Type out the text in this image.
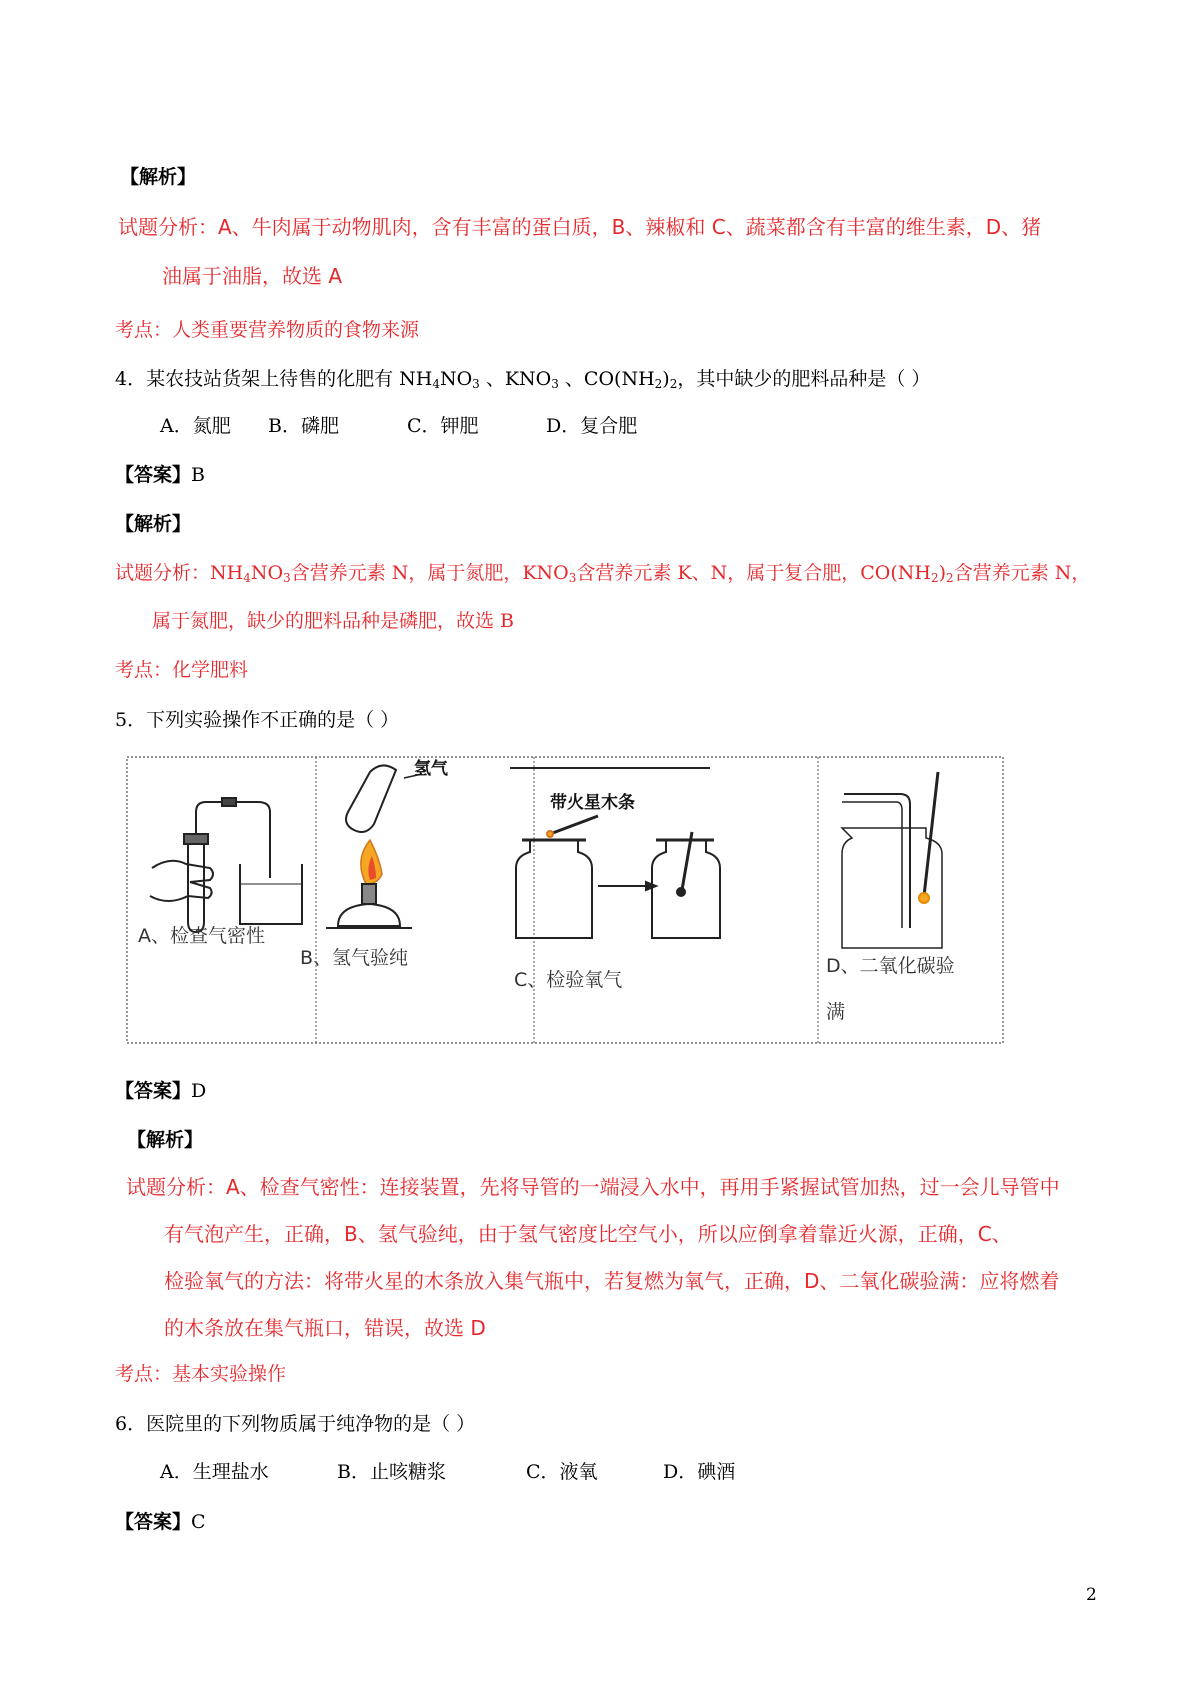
【解析】
试题分析：A、牛肉属于动物肌肉，含有丰富的蛋白质，B、辣椒和 C、蔬菜都含有丰富的维生素，D、猪
油属于油脂，故选 A
考点：人类重要营养物质的食物来源
4．某农技站货架上待售的化肥有 $NH_4NO_3$ 、$KNO_3$ 、$CO(NH_2)_2$，其中缺少的肥料品种是（ ）
A．氮肥 B．磷肥	C．钾肥	D．复合肥
【答案】B
【解析】
试题分析：$NH_4NO_3$含营养元素 N，属于氮肥，$KNO_3$含营养元素 K、N，属于复合肥，$CO(NH_2)_2$含营养元素 N，
属于氮肥，缺少的肥料品种是磷肥，故选 B
考点：化学肥料
5．下列实验操作不正确的是（ ）
A、检查气密性
氢气
B、氢气验纯
带火星木条
C、检验氧气
D、二氧化碳验
满
【答案】D
【解析】
试题分析：A、检查气密性：连接装置，先将导管的一端浸入水中，再用手紧握试管加热，过一会儿导管中
有气泡产生，正确，B、氢气验纯，由于氢气密度比空气小，所以应倒拿着靠近火源，正确，C、
检验氧气的方法：将带火星的木条放入集气瓶中，若复燃为氧气，正确，D、二氧化碳验满：应将燃着
的木条放在集气瓶口，错误，故选 D
考点：基本实验操作
6．医院里的下列物质属于纯净物的是（ ）
A．生理盐水	B．止咳糖浆	C．液氧	D．碘酒
【答案】C
2
